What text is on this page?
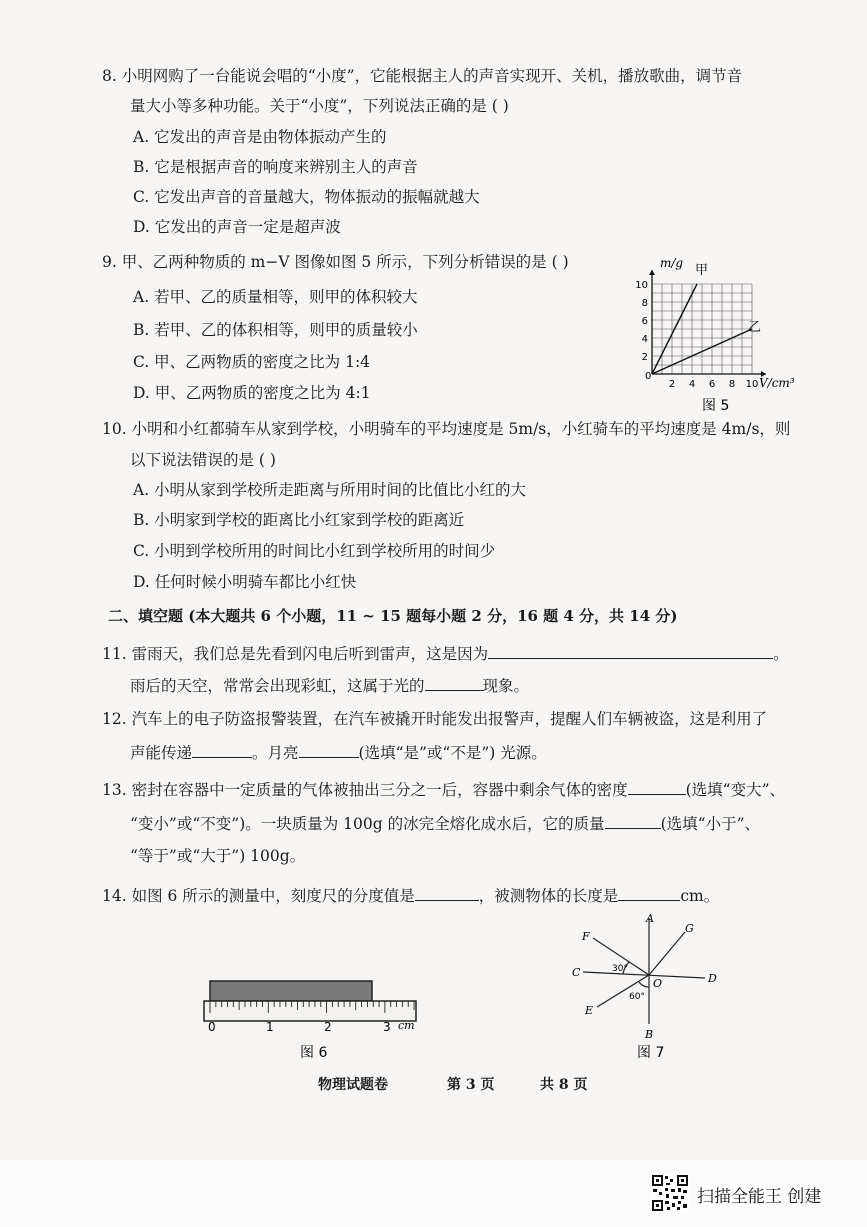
8. 小明网购了一台能说会唱的“小度”，它能根据主人的声音实现开、关机，播放歌曲，调节音
量大小等多种功能。关于“小度”，下列说法正确的是 ( )
A. 它发出的声音是由物体振动产生的
B. 它是根据声音的响度来辨别主人的声音
C. 它发出声音的音量越大，物体振动的振幅就越大
D. 它发出的声音一定是超声波
9. 甲、乙两种物质的 m−V 图像如图 5 所示，下列分析错误的是 ( )
A. 若甲、乙的质量相等，则甲的体积较大
B. 若甲、乙的体积相等，则甲的质量较小
C. 甲、乙两物质的密度之比为 1:4
D. 甲、乙两物质的密度之比为 4:1
m/g
V/cm³
甲
乙
0
2
4
6
8
10
2 4 6 8 10
图 5
10. 小明和小红都骑车从家到学校，小明骑车的平均速度是 5m/s，小红骑车的平均速度是 4m/s，则
以下说法错误的是 ( )
A. 小明从家到学校所走距离与所用时间的比值比小红的大
B. 小明家到学校的距离比小红家到学校的距离近
C. 小明到学校所用的时间比小红到学校所用的时间少
D. 任何时候小明骑车都比小红快
二、填空题 (本大题共 6 个小题，11 ~ 15 题每小题 2 分，16 题 4 分，共 14 分)
11. 雷雨天，我们总是先看到闪电后听到雷声，这是因为	。
雨后的天空，常常会出现彩虹，这属于光的	现象。
12. 汽车上的电子防盗报警装置，在汽车被撬开时能发出报警声，提醒人们车辆被盗，这是利用了
声能传递	。月亮	(选填“是”或“不是”) 光源。
13. 密封在容器中一定质量的气体被抽出三分之一后，容器中剩余气体的密度	(选填“变大”、
“变小”或“不变”)。一块质量为 100g 的冰完全熔化成水后，它的质量	(选填“小于”、
“等于”或“大于”) 100g。
14. 如图 6 所示的测量中，刻度尺的分度值是	，被测物体的长度是	cm。
0	1	2	3 cm
图 6
A
B
C	D
E
F
G
O
30°
60°
图 7
物理试题卷	第 3 页	共 8 页
扫描全能王 创建
